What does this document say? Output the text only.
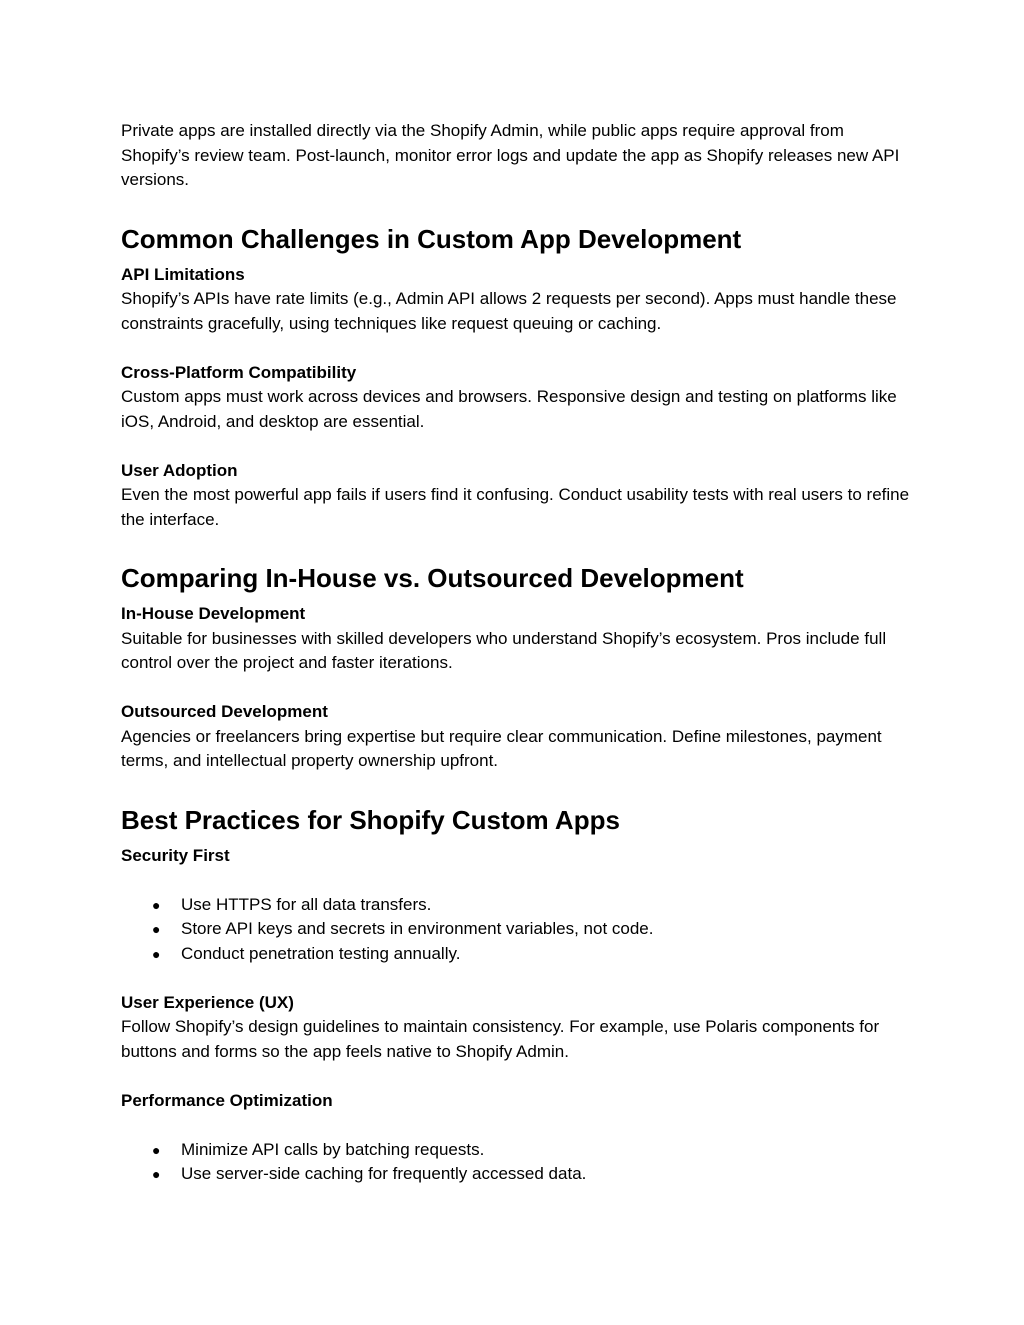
Private apps are installed directly via the Shopify Admin, while public apps require approval from Shopify’s review team. Post-launch, monitor error logs and update the app as Shopify releases new API versions.

Common Challenges in Custom App Development
API Limitations

Shopify’s APIs have rate limits (e.g., Admin API allows 2 requests per second). Apps must handle these constraints gracefully, using techniques like request queuing or caching.

Cross-Platform Compatibility

Custom apps must work across devices and browsers. Responsive design and testing on platforms like iOS, Android, and desktop are essential.

User Adoption

Even the most powerful app fails if users find it confusing. Conduct usability tests with real users to refine the interface.

Comparing In-House vs. Outsourced Development
In-House Development

Suitable for businesses with skilled developers who understand Shopify’s ecosystem. Pros include full control over the project and faster iterations.

Outsourced Development

Agencies or freelancers bring expertise but require clear communication. Define milestones, payment terms, and intellectual property ownership upfront.

Best Practices for Shopify Custom Apps
Security First
● Use HTTPS for all data transfers.
● Store API keys and secrets in environment variables, not code.
● Conduct penetration testing annually.
User Experience (UX)

Follow Shopify’s design guidelines to maintain consistency. For example, use Polaris components for buttons and forms so the app feels native to Shopify Admin.

Performance Optimization
● Minimize API calls by batching requests.
● Use server-side caching for frequently accessed data.
